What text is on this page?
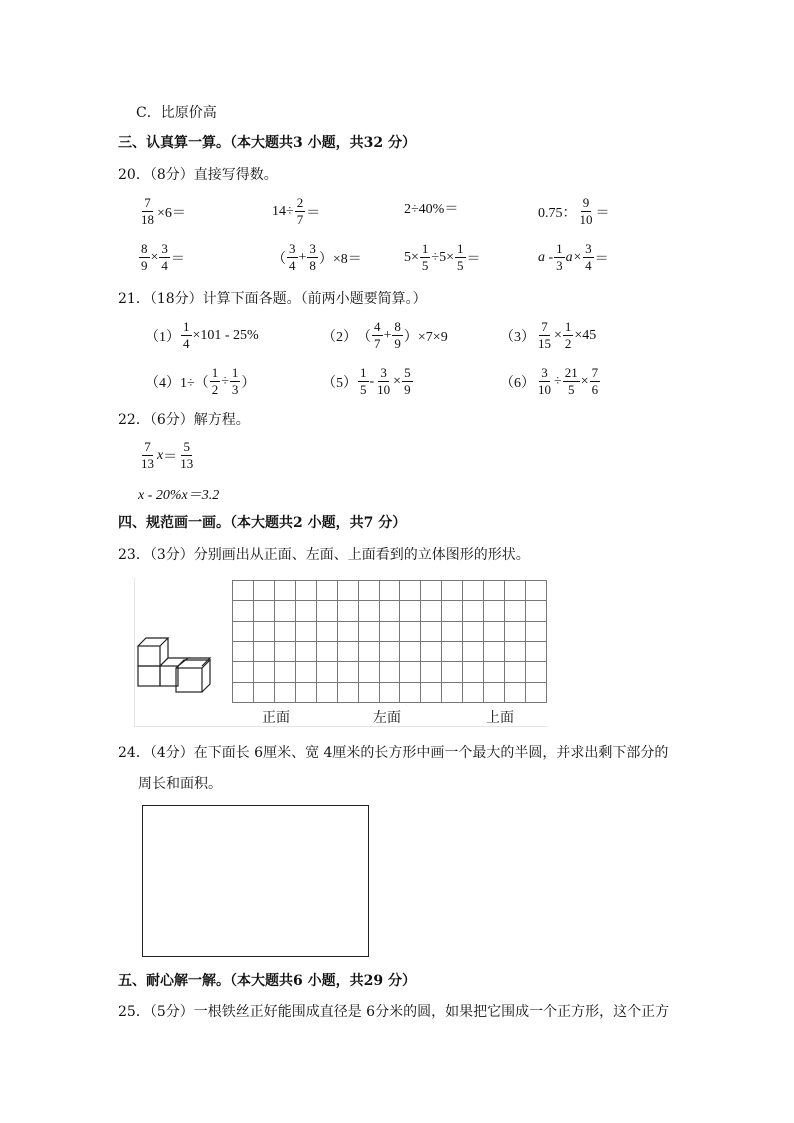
C．比原价高
三、认真算一算。（本大题共3 小题，共32 分）
20．（8分）直接写得数。
$\frac{7}{18} \times 6=$	$14\div \frac{2}{7}$ ＝	2÷40%＝	0.75： $\frac{9}{10}$ ＝
$\frac{8}{9} \times \frac{3}{4}$ ＝	（ $\frac{3}{4} + \frac{3}{8} )\times 8=$	$5\times \frac{1}{5} \div 5\times \frac{1}{5}$ ＝	$a - \frac{1}{3} a\times \frac{3}{4}$ ＝
21．（18分）计算下面各题。（前两小题要简算。）
$(1) \frac{1}{4} \times 101 - 25\%$	（2） （ $\frac{4}{7} + \frac{8}{9} )\times 7\times 9$	$(3) \frac{7}{15} \times \frac{1}{2} \times 45$
（4） $1\div( \frac{1}{2} \div \frac{1}{3}$ ）	$(5) \frac{1}{5} - \frac{3}{10} \times \frac{5}{9}$	$(6) \frac{3}{10} \div \frac{21}{5} \times \frac{7}{6}$
22．（6分）解方程。
$\frac{7}{13}$ $x = \frac{5}{13}$
x - 20%x＝3.2
四、规范画一画。（本大题共2 小题，共7 分）
23．（3分）分别画出从正面、左面、上面看到的立体图形的形状。
正面	左面	上面
24．（4分）在下面长 6厘米、宽 4厘米的长方形中画一个最大的半圆，并求出剩下部分的
周长和面积。
五、耐心解一解。（本大题共6 小题，共29 分）
25．（5分）一根铁丝正好能围成直径是 6分米的圆，如果把它围成一个正方形，这个正方
